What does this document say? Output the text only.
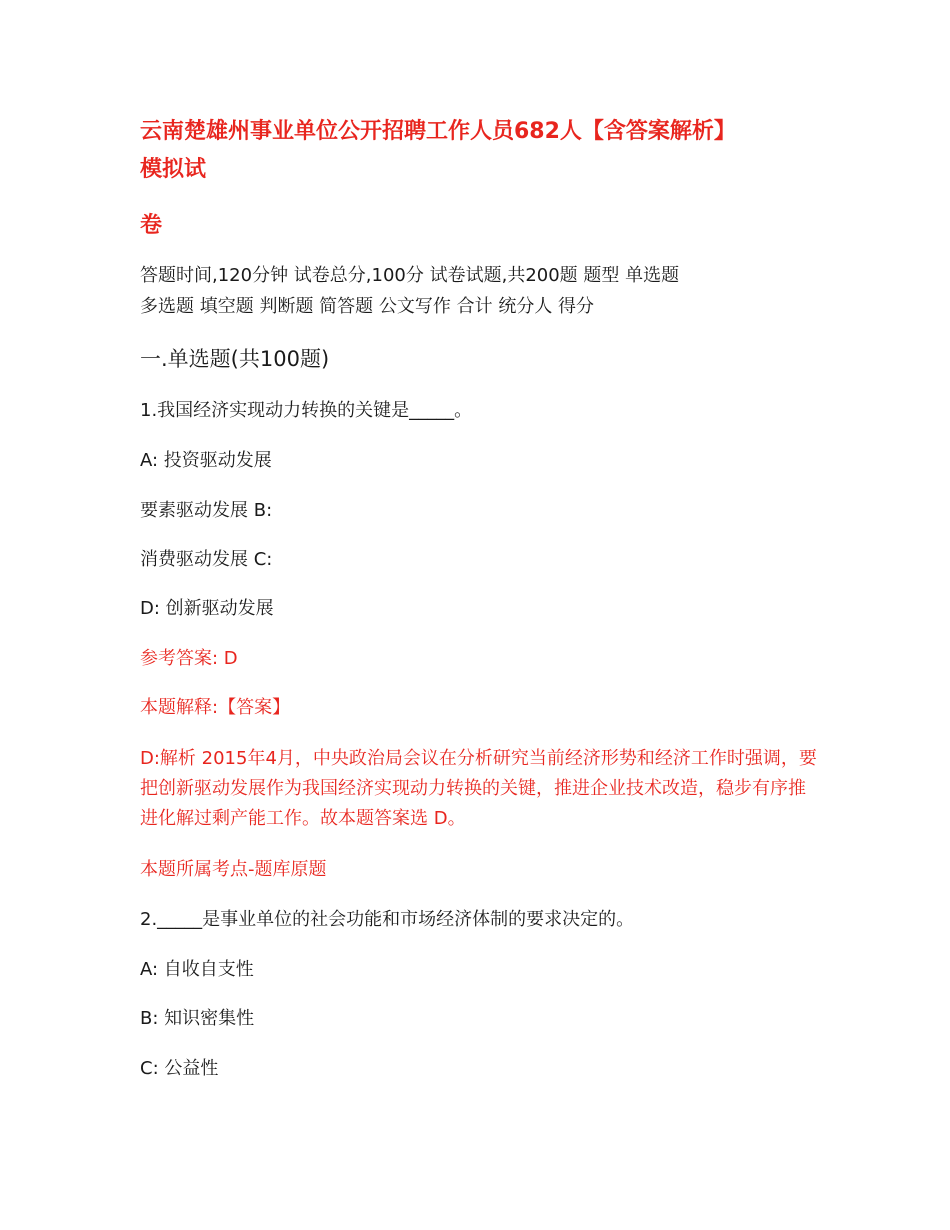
云南楚雄州事业单位公开招聘工作人员682人【含答案解析】
模拟试
卷
答题时间,120分钟 试卷总分,100分 试卷试题,共200题 题型 单选题
多选题 填空题 判断题 简答题 公文写作 合计 统分人 得分
一.单选题(共100题)
1.我国经济实现动力转换的关键是_____。
A: 投资驱动发展
要素驱动发展 B:
消费驱动发展 C:
D: 创新驱动发展
参考答案: D
本题解释:【答案】
D:解析 2015年4月，中央政治局会议在分析研究当前经济形势和经济工作时强调，要把创新驱动发展作为我国经济实现动力转换的关键，推进企业技术改造，稳步有序推进化解过剩产能工作。故本题答案选 D。
本题所属考点-题库原题
2._____是事业单位的社会功能和市场经济体制的要求决定的。
A: 自收自支性
B: 知识密集性
C: 公益性
